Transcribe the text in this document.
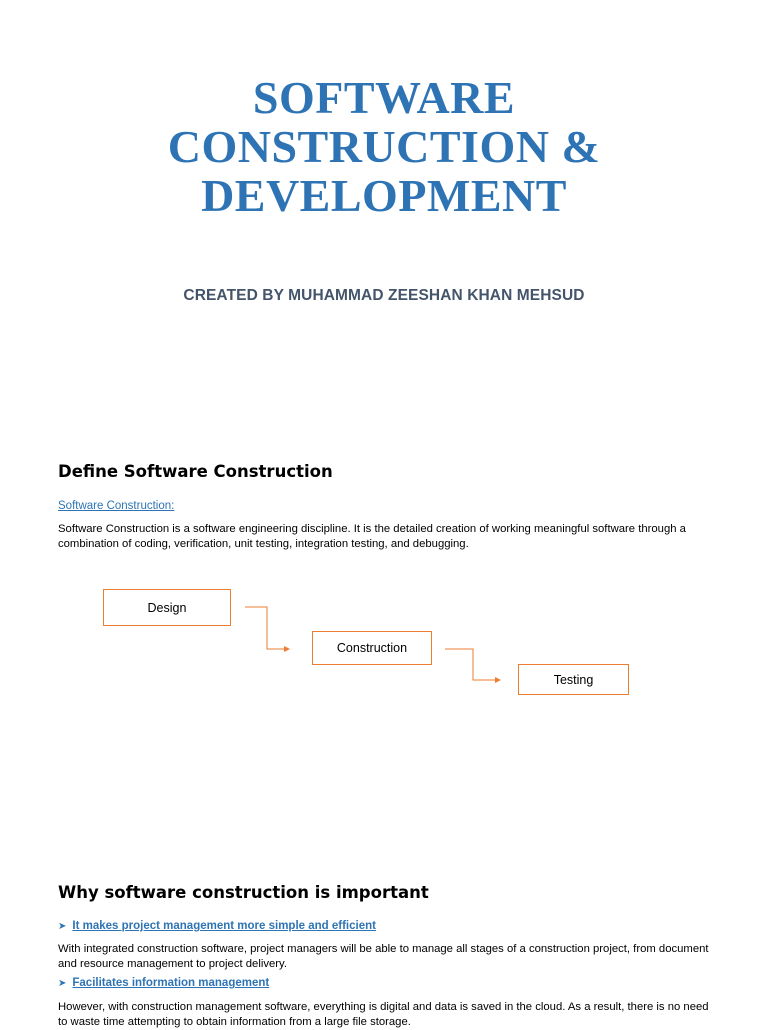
SOFTWARE
CONSTRUCTION &
DEVELOPMENT
CREATED BY MUHAMMAD ZEESHAN KHAN MEHSUD
Define Software Construction
Software Construction:
Software Construction is a software engineering discipline. It is the detailed creation of working meaningful software through a combination of coding, verification, unit testing, integration testing, and debugging.
Design
Construction
Testing
Why software construction is important
➤ It makes project management more simple and efficient
With integrated construction software, project managers will be able to manage all stages of a construction project, from document and resource management to project delivery.
➤ Facilitates information management
However, with construction management software, everything is digital and data is saved in the cloud. As a result, there is no need to waste time attempting to obtain information from a large file storage.
